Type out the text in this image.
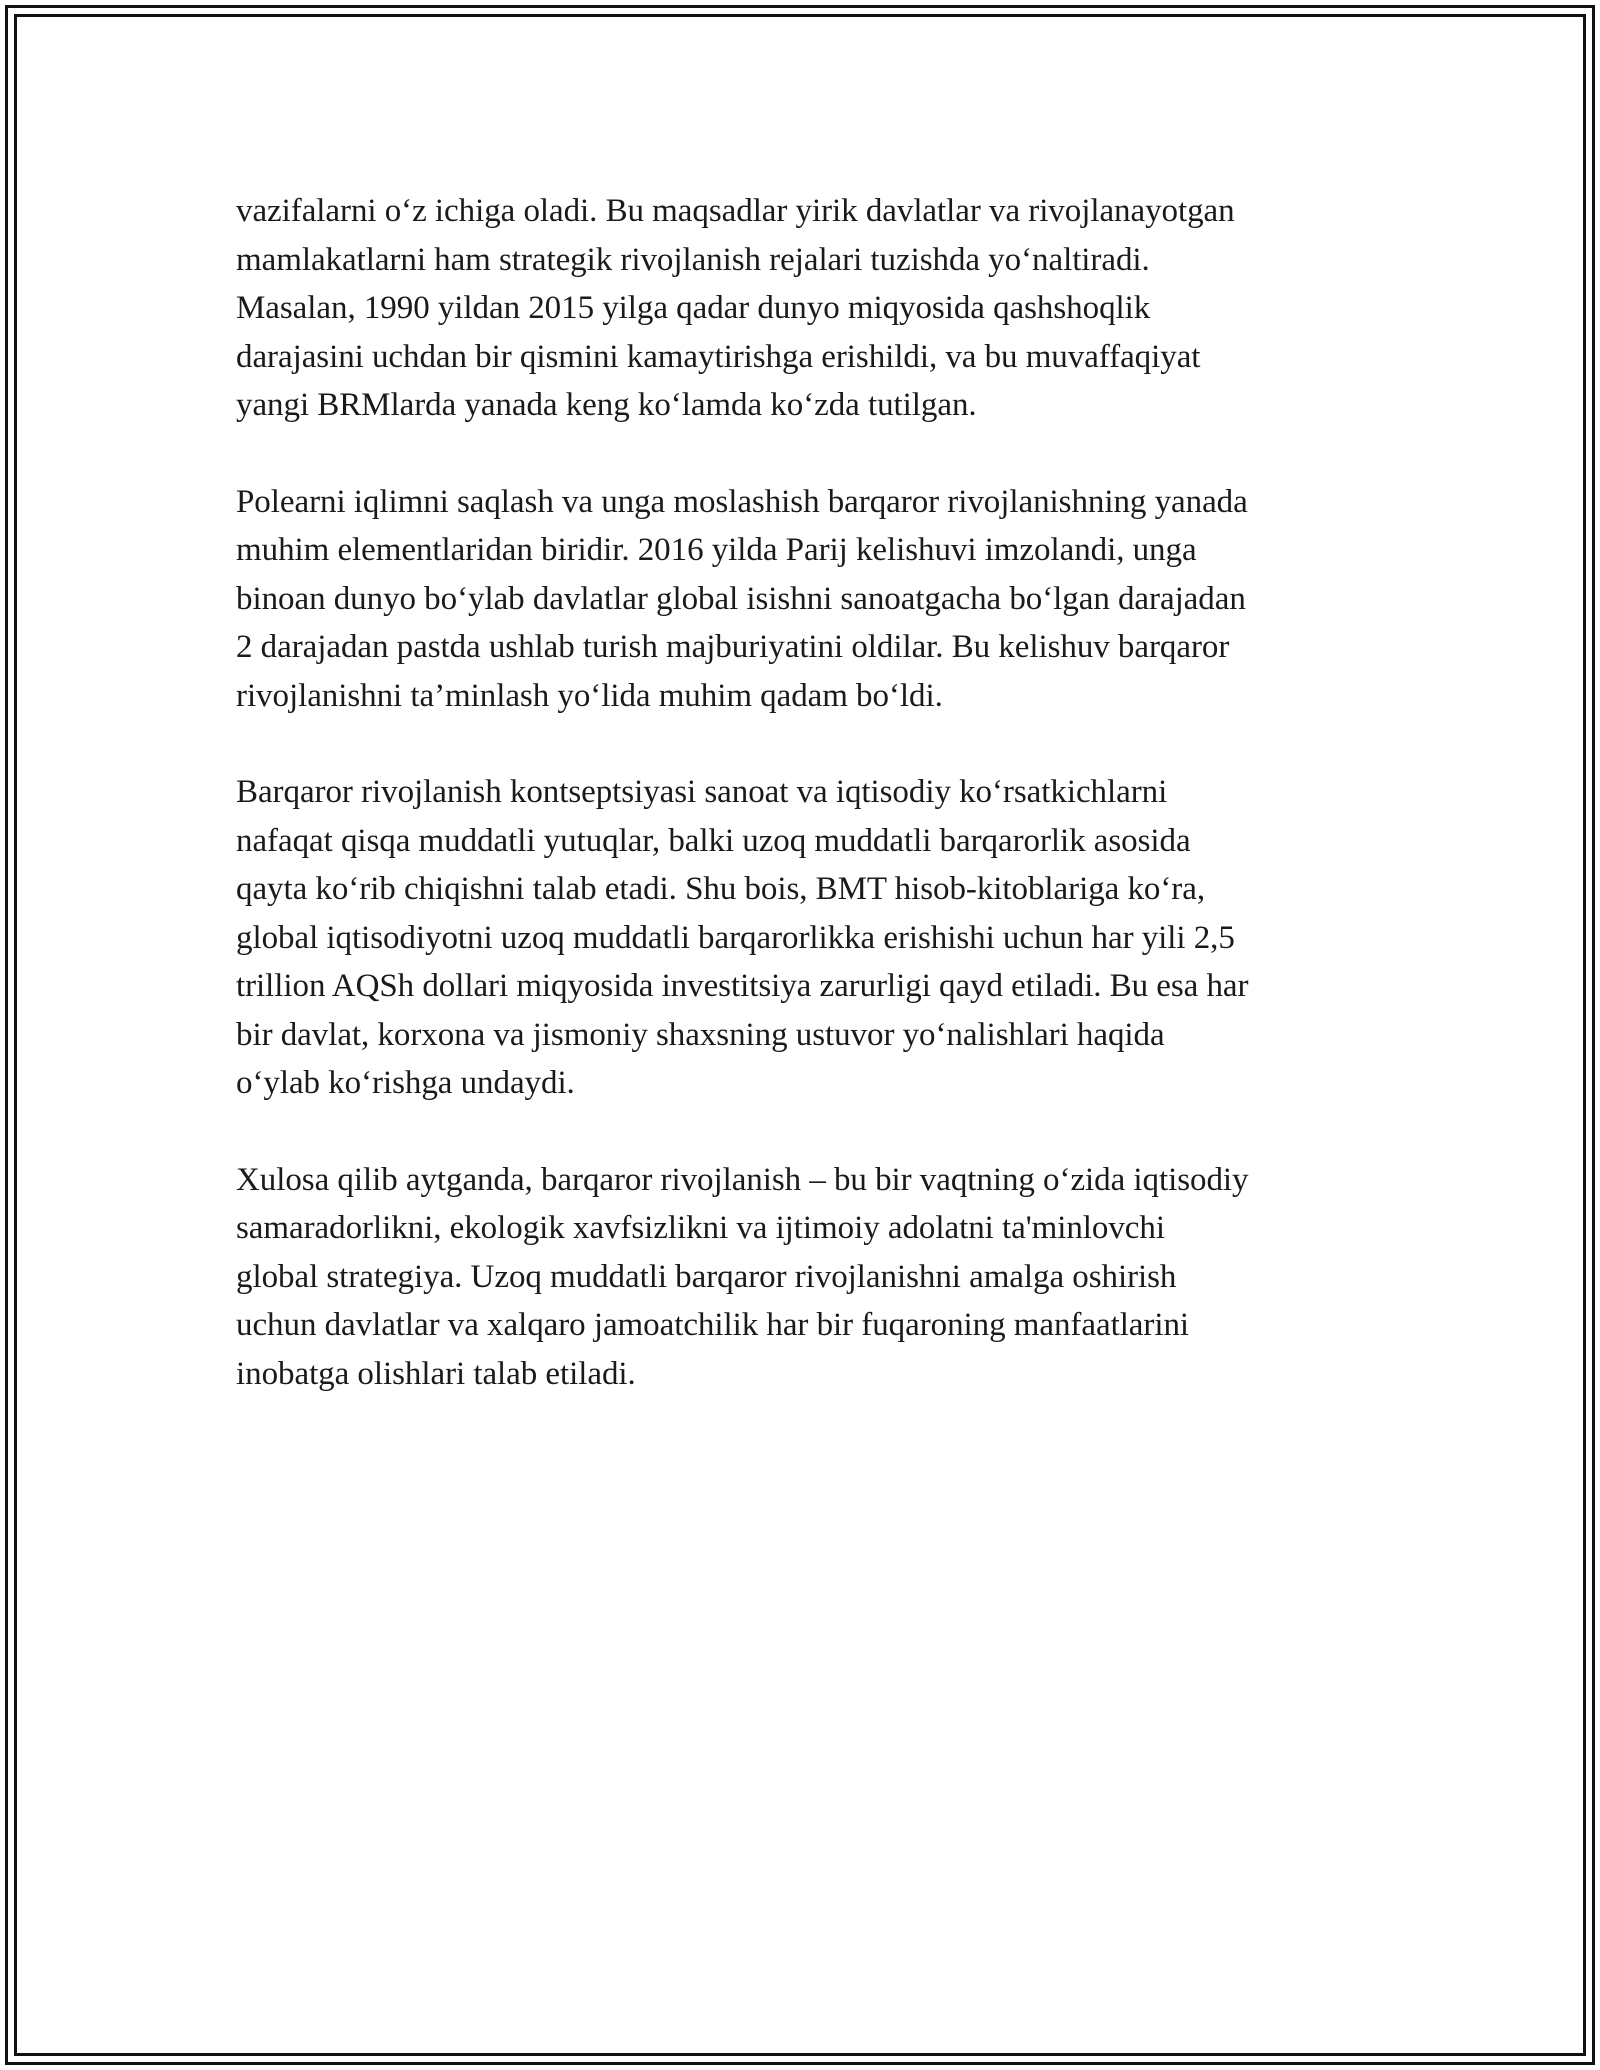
vazifalarni o‘z ichiga oladi. Bu maqsadlar yirik davlatlar va rivojlanayotgan
mamlakatlarni ham strategik rivojlanish rejalari tuzishda yo‘naltiradi.
Masalan, 1990 yildan 2015 yilga qadar dunyo miqyosida qashshoqlik
darajasini uchdan bir qismini kamaytirishga erishildi, va bu muvaffaqiyat
yangi BRMlarda yanada keng ko‘lamda ko‘zda tutilgan.

Polearni iqlimni saqlash va unga moslashish barqaror rivojlanishning yanada
muhim elementlaridan biridir. 2016 yilda Parij kelishuvi imzolandi, unga
binoan dunyo bo‘ylab davlatlar global isishni sanoatgacha bo‘lgan darajadan
2 darajadan pastda ushlab turish majburiyatini oldilar. Bu kelishuv barqaror
rivojlanishni ta’minlash yo‘lida muhim qadam bo‘ldi.

Barqaror rivojlanish kontseptsiyasi sanoat va iqtisodiy ko‘rsatkichlarni
nafaqat qisqa muddatli yutuqlar, balki uzoq muddatli barqarorlik asosida
qayta ko‘rib chiqishni talab etadi. Shu bois, BMT hisob-kitoblariga ko‘ra,
global iqtisodiyotni uzoq muddatli barqarorlikka erishishi uchun har yili 2,5
trillion AQSh dollari miqyosida investitsiya zarurligi qayd etiladi. Bu esa har
bir davlat, korxona va jismoniy shaxsning ustuvor yo‘nalishlari haqida
o‘ylab ko‘rishga undaydi.

Xulosa qilib aytganda, barqaror rivojlanish – bu bir vaqtning o‘zida iqtisodiy
samaradorlikni, ekologik xavfsizlikni va ijtimoiy adolatni ta'minlovchi
global strategiya. Uzoq muddatli barqaror rivojlanishni amalga oshirish
uchun davlatlar va xalqaro jamoatchilik har bir fuqaroning manfaatlarini
inobatga olishlari talab etiladi.
